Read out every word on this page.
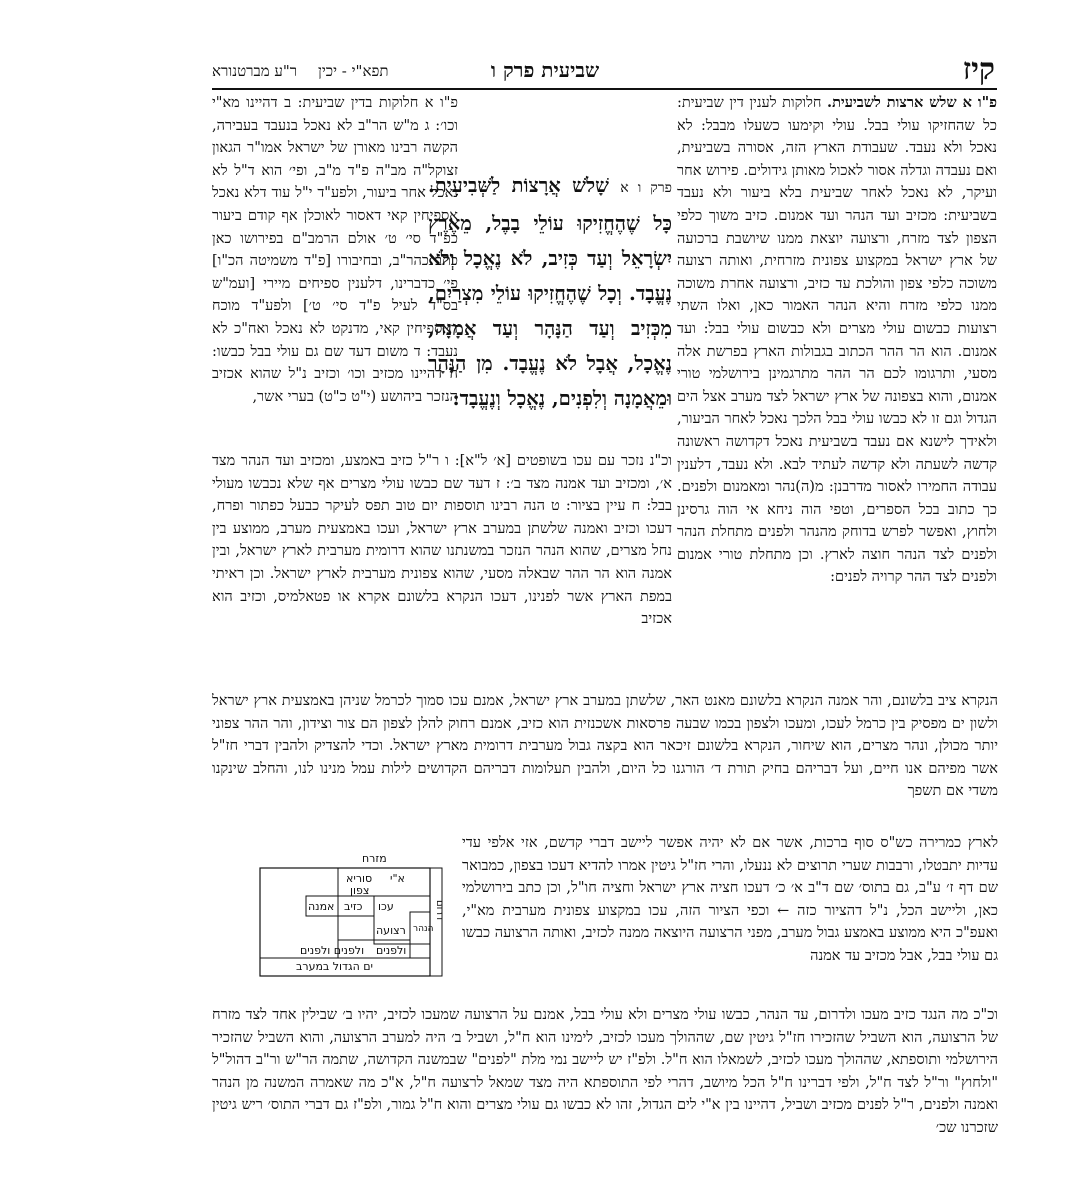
קיז
שביעית פרק ו
תפא"י - יכין
ר"ע מברטנורא
פ"ו א שלש ארצות לשביעית. חלוקות לענין דין שביעית: כל שהחזיקו עולי בבל. עולי וקימעו כשעלו מבבל: לא נאכל ולא נעבד. שעבודת הארץ הזה, אסורה בשביעית, ואם נעבדה וגדלה אסור לאכול מאותן גידולים. פירוש אחר ועיקר, לא נאכל לאחר שביעית בלא ביעור ולא נעבד בשביעית: מכזיב ועד הנהר ועד אמנום. כזיב משוך כלפי הצפון לצד מזרח, ורצועה יוצאת ממנו שיושבת ברכועה של ארץ ישראל במקצוע צפונית מזרחית, ואותה רצועה משוכה כלפי צפון והולכת עד כזיב, ורצועה אחרת משוכה ממנו כלפי מזרח והיא הנהר האמור כאן, ואלו השתי רצועות כבשום עולי מצרים ולא כבשום עולי בבל: ועד אמנום. הוא הר ההר הכתוב בגבולות הארץ בפרשת אלה מסעי, ותרגומו לכם הר ההר מתרגמינן בירושלמי טורי אמנום, והוא בצפונה של ארץ ישראל לצד מערב אצל הים הגדול וגם זו לא כבשו עולי בבל הלכך נאכל לאחר הביעור, ולאידך לישנא אם נעבד בשביעית נאכל דקדושה ראשונה קדשה לשעתה ולא קדשה לעתיד לבא. ולא נעבד, דלענין עבודה החמירו לאסור מדרבנן: מ(ה)נהר ומאמנום ולפנים. כך כתוב בכל הספרים, וטפי הוה ניחא אי הוה גרסינן ולחוץ, ואפשר לפרש בדוחק מהנהר ולפנים מתחלת הנהר ולפנים לצד הנהר חוצה לארץ. וכן מתחלת טורי אמנום ולפנים לצד ההר קרויה לפנים:
פ"ו א חלוקות בדין שביעית: ב דהיינו מא"י וכו׳: ג מ"ש הר"ב לא נאכל בנעבד בעבירה, הקשה רבינו מאורן של ישראל אמו"ר הגאון זצוקל"ה מב"ה פ"ד מ"ב, ופי׳ הוא ד"ל לא נאכל אחר ביעור, ולפע"ד י"ל עוד דלא נאכל אספיחין קאי דאסור לאוכלן אף קודם ביעור כפ"ד סי׳ ט׳ אולם הרמב"ם בפירושו כאן כתב כהר"ב, ובחיבורו [פ"ד משמיטה הכ"ו] פי׳ כדברינו, דלענין ספיחים מיירי [ועמ"ש בס"ד לעיל פ"ד סי׳ ט׳] ולפע"ד מוכח דאספיחין קאי, מדנקט לא נאכל ואח"כ לא נעבד: ד משום דעד שם גם עולי בבל כבשו: ה דהיינו מכזיב וכו׳ וכזיב נ"ל שהוא אכזיב הנזכר ביהושע (י"ט כ"ט) בערי אשר,
פרק ו א שָׁלֹשׁ אֲרָצוֹת לַשְּׁבִיעִית. כָּל שֶׁהֶחֱזִיקוּ עוֹלֵי בָבֶל, מֵאֶרֶץ יִשְׂרָאֵל וְעַד כְּזִיב, לֹא נֶאֱכָל וְלֹא נֶעֱבָד. וְכָל שֶׁהֶחֱזִיקוּ עוֹלֵי מִצְרַיִם, מִכְּזִיב וְעַד הַנָּהָר וְעַד אֲמָנָה, נֶאֱכָל, אֲבָל לֹא נֶעֱבָד. מִן הַנָּהָר וּמֵאֲמָנָה וְלִפְנִים, נֶאֱכָל וְנֶעֱבָד:
וכ"נ נזכר עם עכו בשופטים [א׳ ל"א]: ו ר"ל כזיב באמצע, ומכזיב ועד הנהר מצד א׳, ומכזיב ועד אמנה מצד ב׳: ז דעד שם כבשו עולי מצרים אף שלא נכבשו מעולי בבל: ח עיין בציור: ט הנה רבינו תוספות יום טוב תפס לעיקר כבעל כפתור ופרח, דעכו וכזיב ואמנה שלשתן במערב ארץ ישראל, ועכו באמצעית מערב, ממוצע בין נחל מצרים, שהוא הנהר הנזכר במשנתנו שהוא דרומית מערבית לארץ ישראל, ובין אמנה הוא הר ההר שבאלה מסעי, שהוא צפונית מערבית לארץ ישראל. וכן ראיתי במפת הארץ אשר לפנינו, דעכו הנקרא בלשונם אקרא או פטאלמיס, וכזיב הוא אכזיב
הנקרא ציב בלשונם, והר אמנה הנקרא בלשונם מאנט האר, שלשתן במערב ארץ ישראל, אמנם עכו סמוך לכרמל שניהן באמצעית ארץ ישראל ולשון ים מפסיק בין כרמל לעכו, ומעכו ולצפון בכמו שבעה פרסאות אשכנזית הוא כזיב, אמנם רחוק להלן לצפון הם צור וצידון, והר ההר צפוני יותר מכולן, ונהר מצרים, הוא שיחור, הנקרא בלשונם זיכאר הוא בקצה גבול מערבית דרומית מארץ ישראל. וכדי להצדיק ולהבין דברי חז"ל אשר מפיהם אנו חיים, ועל דבריהם בחיק תורת ד׳ הורגנו כל היום, ולהבין תעלומות דבריהם הקדושים לילות עמל מנינו לנו, והחלב שינקנו משדי אם תשפך
לארץ כמרירה כש"ס סוף ברכות, אשר אם לא יהיה אפשר ליישב דברי קדשם, אזי אלפי עדי עדיות יתבטלו, ורבבות שערי תרוצים לא ננעלו, והרי חז"ל גיטין אמרו להדיא דעכו בצפון, כמבואר שם דף ז׳ ע"ב, גם בתוס׳ שם ד"ב א׳ כ׳ דעכו חציה ארץ ישראל וחציה חו"ל, וכן כתב בירושלמי כאן, וליישב הכל, נ"ל דהציור כזה ← וכפי הציור הזה, עכו במקצוע צפונית מערבית מא"י, ואעפ"כ היא ממוצע באמצע גבול מערב, מפני הרצועה היוצאה ממנה לכזיב, ואותה הרצועה כבשו גם עולי בבל, אבל מכזיב עד אמנה
וכ"כ מה הנגד כזיב מעכו ולדרום, עד הנהר, כבשו עולי מצרים ולא עולי בבל, אמנם על הרצועה שמעכו לכזיב, יהיו ב׳ שבילין אחד לצד מזרח של הרצועה, הוא השביל שהזכירו חז"ל גיטין שם, שההולך מעכו לכזיב, לימינו הוא ח"ל, ושביל ב׳ היה למערב הרצועה, והוא השביל שהזכיר הירושלמי ותוספתא, שההולך מעכו לכזיב, לשמאלו הוא ח"ל. ולפ"ז יש ליישב נמי מלת "לפנים" שבמשנה הקדושה, שתמה הר"ש ור"ב דהול"ל "ולחוץ" ור"ל לצד ח"ל, ולפי דברינו ח"ל הכל מיושב, דהרי לפי התוספתא היה מצד שמאל לרצועה ח"ל, א"כ מה שאמרה המשנה מן הנהר ואמנה ולפנים, ר"ל לפנים מכזיב ושביל, דהיינו בין א"י לים הגדול, זהו לא כבשו גם עולי מצרים והוא ח"ל גמור, ולפ"ז גם דברי התוס׳ ריש גיטין שזכרנו שכ׳
מזרח
א"י
סוריא
צפון
עכו
כזיב
אמנה
רצועה הנהר
דרום
ולפנים
ולפנים ולפנים
ים הגדול במערב
